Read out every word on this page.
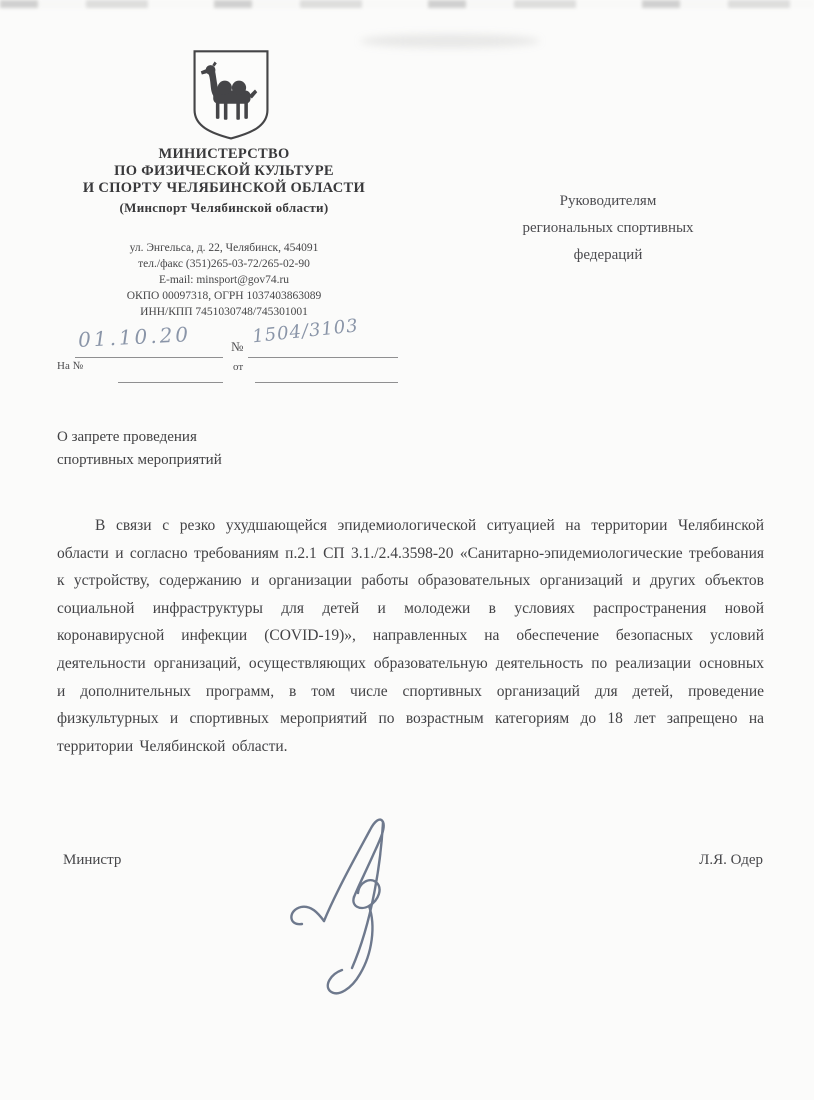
МИНИСТЕРСТВО
ПО ФИЗИЧЕСКОЙ КУЛЬТУРЕ
И СПОРТУ ЧЕЛЯБИНСКОЙ ОБЛАСТИ
(Минспорт Челябинской области)
ул. Энгельса, д. 22, Челябинск, 454091
тел./факс (351)265-03-72/265-02-90
E-mail: minsport@gov74.ru
ОКПО 00097318, ОГРН 1037403863089
ИНН/КПП 7451030748/745301001
Руководителям
региональных спортивных
федераций
01.10.20	1504/3103
№
На №	от
О запрете проведения
спортивных мероприятий
В связи с резко ухудшающейся эпидемиологической ситуацией на территории Челябинской области и согласно требованиям п.2.1 СП 3.1./2.4.3598-20 «Санитарно-эпидемиологические требования к устройству, содержанию и организации работы образовательных организаций и других объектов социальной инфраструктуры для детей и молодежи в условиях распространения новой коронавирусной инфекции (COVID-19)», направленных на обеспечение безопасных условий деятельности организаций, осуществляющих образовательную деятельность по реализации основных и дополнительных программ, в том числе спортивных организаций для детей, проведение физкультурных и спортивных мероприятий по возрастным категориям до 18 лет запрещено на территории Челябинской области.
Министр	Л.Я. Одер
